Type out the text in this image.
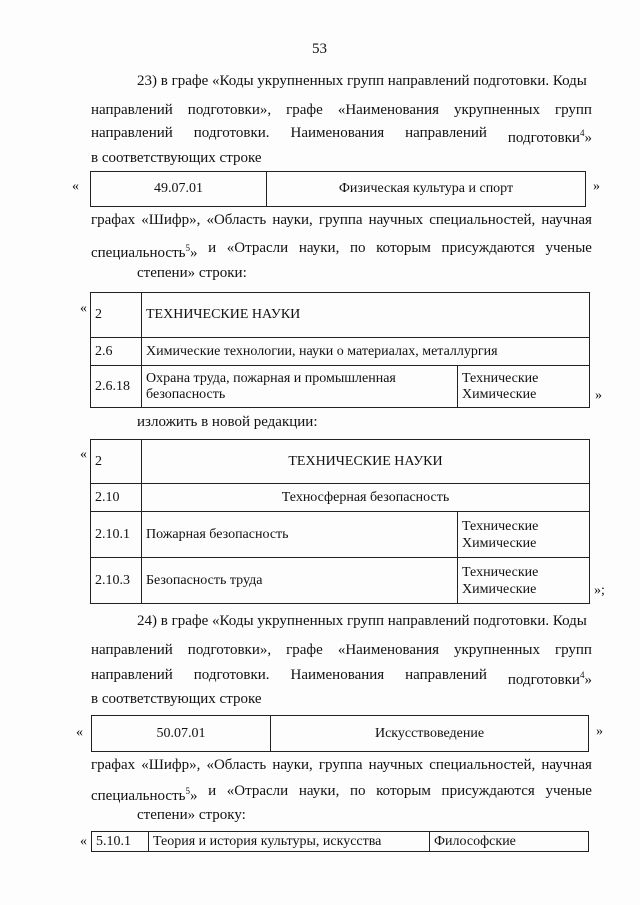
53
23) в графе «Коды укрупненных групп направлений подготовки. Коды
направлений подготовки», графе «Наименования укрупненных групп
направлений подготовки. Наименования направлений подготовки$^4$»
в соответствующих строке
«	49.07.01	Физическая культура и спорт	»
графах «Шифр», «Область науки, группа научных специальностей, научная
специальность$^5$» и «Отрасли науки, по которым присуждаются ученые
степени» строки:
« 2	ТЕХНИЧЕСКИЕ НАУКИ	
2.6	Химические технологии, науки о материалах, металлургия	
2.6.18	Охрана труда, пожарная и промышленная безопасность	Технические Химические	»
изложить в новой редакции:
« 2	ТЕХНИЧЕСКИЕ НАУКИ	
2.10	Техносферная безопасность	
2.10.1	Пожарная безопасность	Технические Химические
2.10.3	Безопасность труда	Технические Химические	»;
24) в графе «Коды укрупненных групп направлений подготовки. Коды
направлений подготовки», графе «Наименования укрупненных групп
направлений подготовки. Наименования направлений подготовки$^4$»
в соответствующих строке
«	50.07.01	Искусствоведение	»
графах «Шифр», «Область науки, группа научных специальностей, научная
специальность$^5$» и «Отрасли науки, по которым присуждаются ученые
степени» строку:
« 5.10.1	Теория и история культуры, искусства	Философские
